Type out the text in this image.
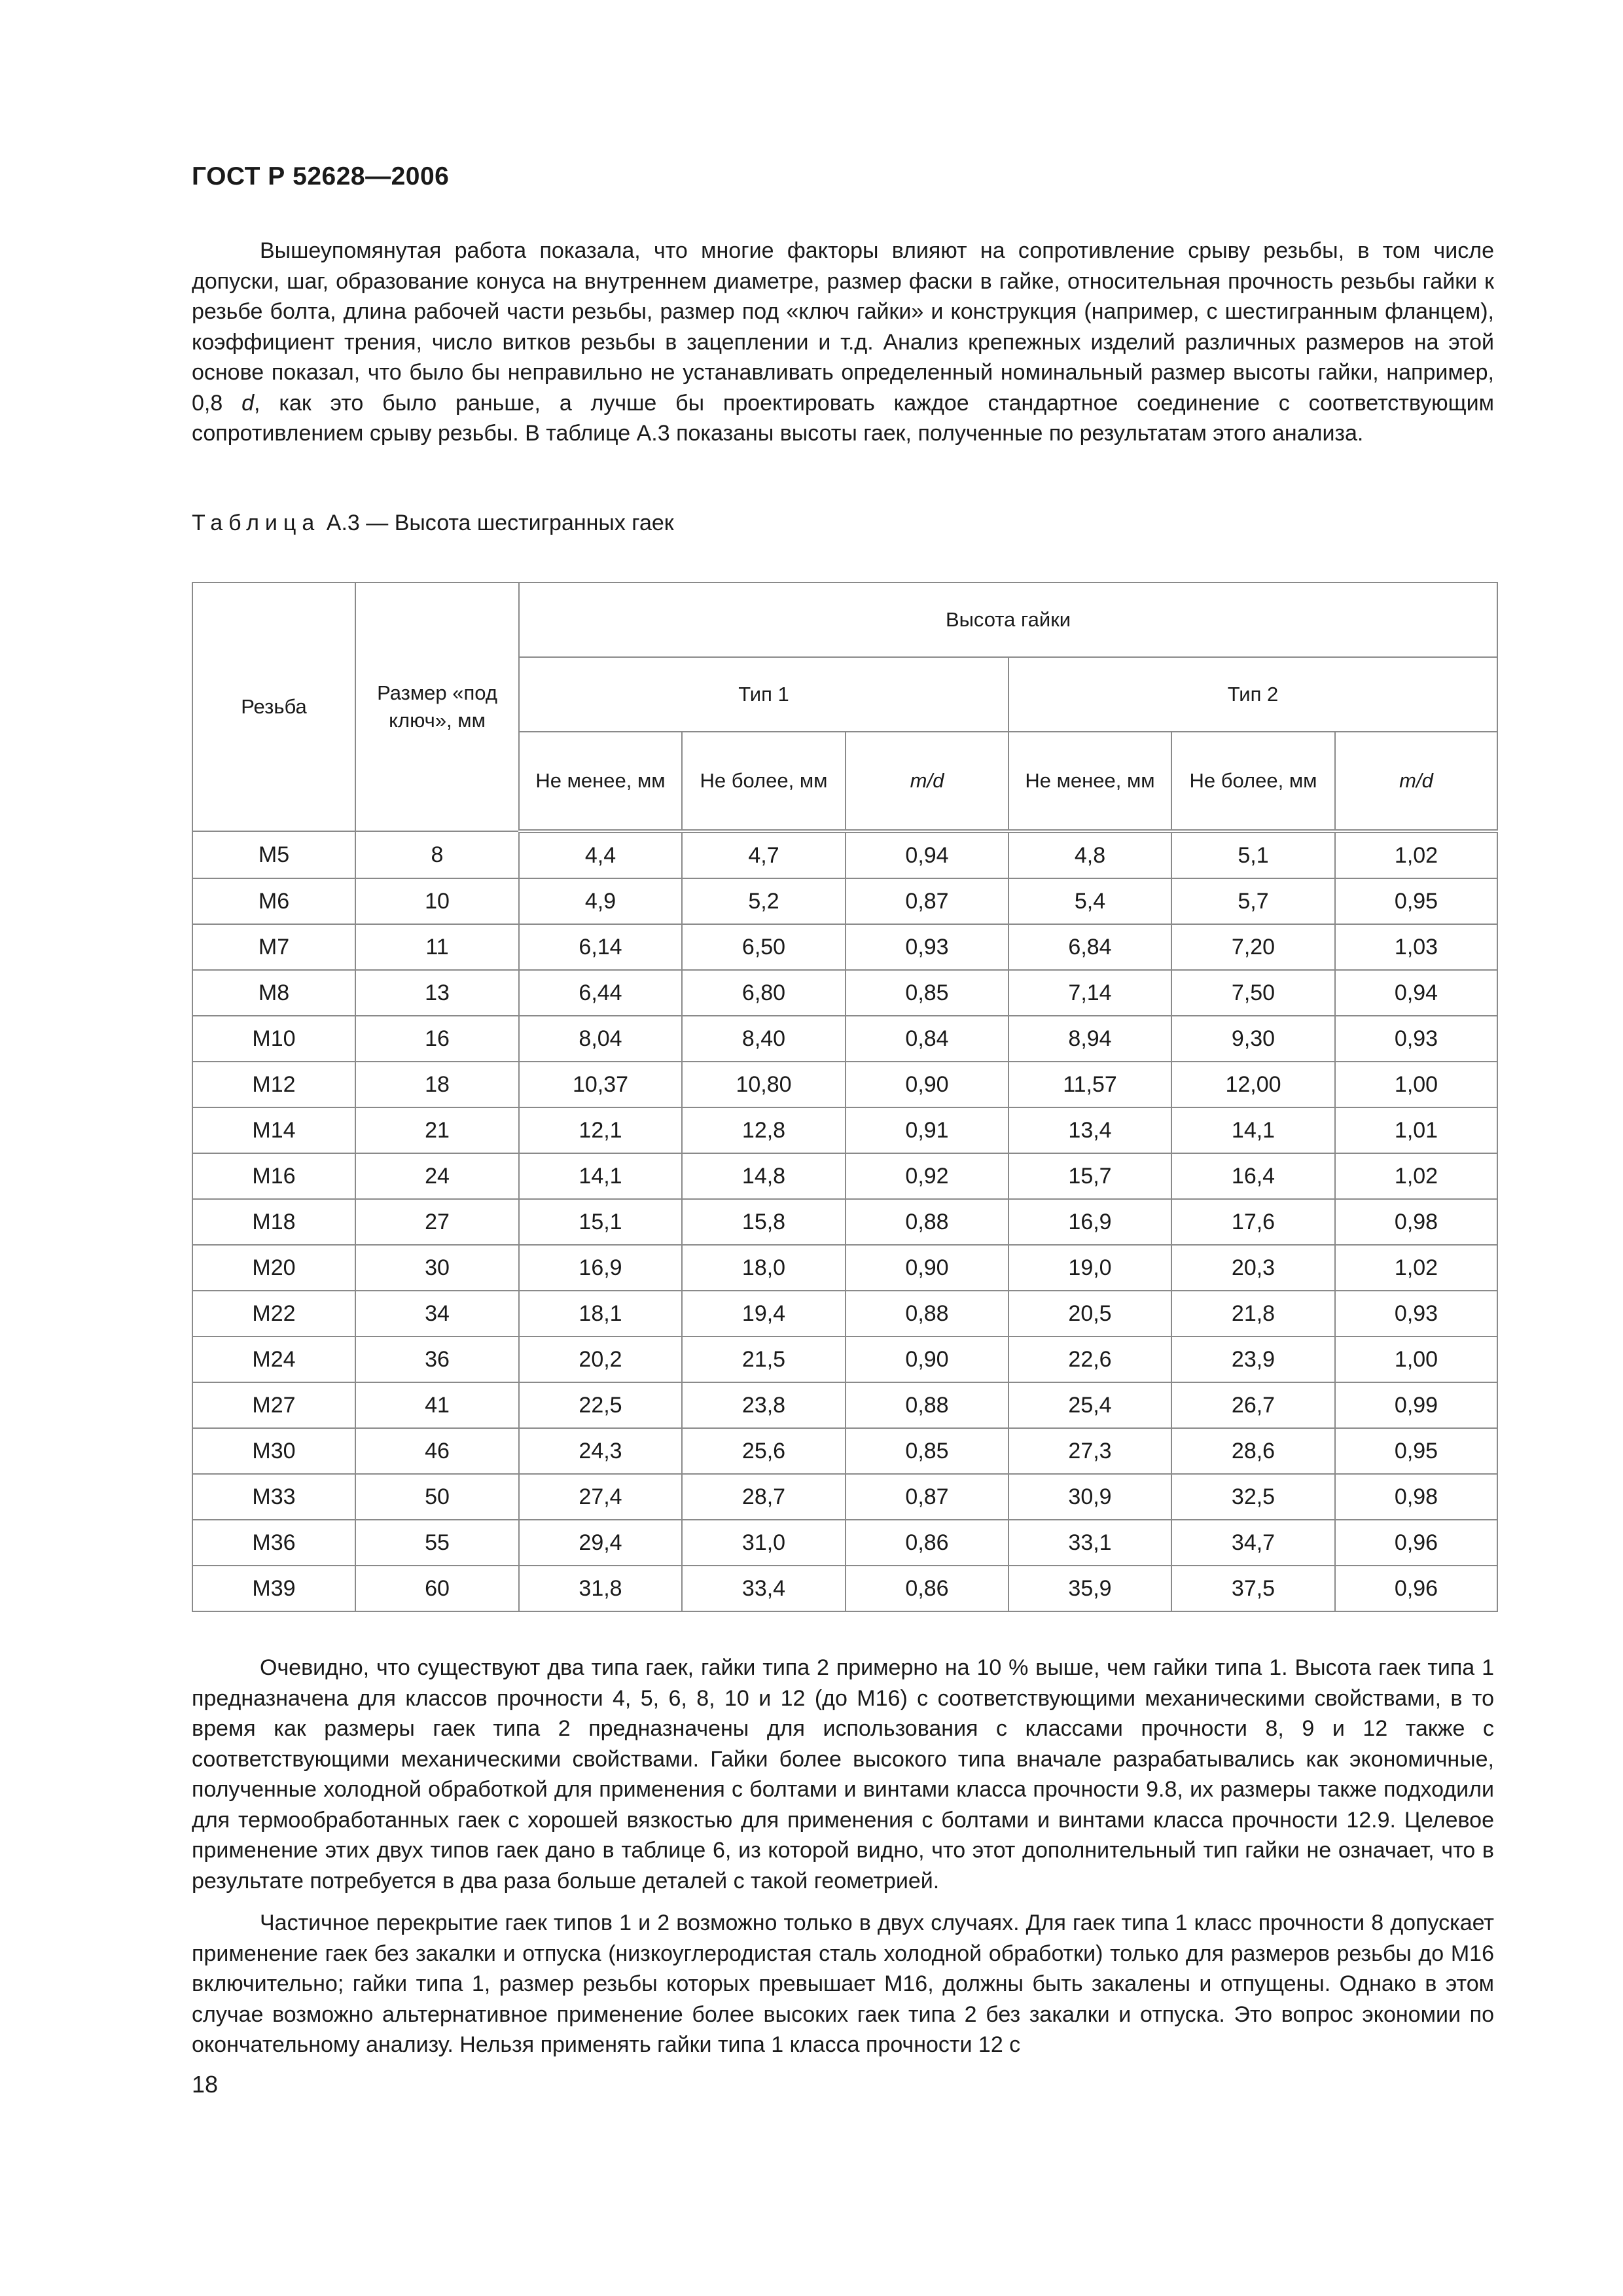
ГОСТ Р 52628—2006

Вышеупомянутая работа показала, что многие факторы влияют на сопротивление срыву резьбы, в том числе допуски, шаг, образование конуса на внутреннем диаметре, размер фаски в гайке, относительная прочность резьбы гайки к резьбе болта, длина рабочей части резьбы, размер под «ключ гайки» и конструкция (например, с шестигранным фланцем), коэффициент трения, число витков резьбы в зацеплении и т.д. Анализ крепежных изделий различных размеров на этой основе показал, что было бы неправильно не устанавливать определенный номинальный размер высоты гайки, например, 0,8 d, как это было раньше, а лучше бы проектировать каждое стандартное соединение с соответствующим сопротивлением срыву резьбы. В таблице А.3 показаны высоты гаек, полученные по результатам этого анализа.

Таблица А.3 — Высота шестигранных гаек
Резьба	Размер «под ключ», мм	Высота гайки					
		Тип 1			Тип 2		
		Не менее, мм	Не более, мм	m/d	Не менее, мм	Не более, мм	m/d
М5	8	4,4	4,7	0,94	4,8	5,1	1,02
М6	10	4,9	5,2	0,87	5,4	5,7	0,95
М7	11	6,14	6,50	0,93	6,84	7,20	1,03
М8	13	6,44	6,80	0,85	7,14	7,50	0,94
М10	16	8,04	8,40	0,84	8,94	9,30	0,93
М12	18	10,37	10,80	0,90	11,57	12,00	1,00
М14	21	12,1	12,8	0,91	13,4	14,1	1,01
М16	24	14,1	14,8	0,92	15,7	16,4	1,02
М18	27	15,1	15,8	0,88	16,9	17,6	0,98
М20	30	16,9	18,0	0,90	19,0	20,3	1,02
М22	34	18,1	19,4	0,88	20,5	21,8	0,93
М24	36	20,2	21,5	0,90	22,6	23,9	1,00
М27	41	22,5	23,8	0,88	25,4	26,7	0,99
М30	46	24,3	25,6	0,85	27,3	28,6	0,95
М33	50	27,4	28,7	0,87	30,9	32,5	0,98
М36	55	29,4	31,0	0,86	33,1	34,7	0,96
М39	60	31,8	33,4	0,86	35,9	37,5	0,96

Очевидно, что существуют два типа гаек, гайки типа 2 примерно на 10 % выше, чем гайки типа 1. Высота гаек типа 1 предназначена для классов прочности 4, 5, 6, 8, 10 и 12 (до М16) с соответствующими механическими свойствами, в то время как размеры гаек типа 2 предназначены для использования с классами прочности 8, 9 и 12 также с соответствующими механическими свойствами. Гайки более высокого типа вначале разрабатывались как экономичные, полученные холодной обработкой для применения с болтами и винтами класса прочности 9.8, их размеры также подходили для термообработанных гаек с хорошей вязкостью для применения с болтами и винтами класса прочности 12.9. Целевое применение этих двух типов гаек дано в таблице 6, из которой видно, что этот дополнительный тип гайки не означает, что в результате потребуется в два раза больше деталей с такой геометрией.

Частичное перекрытие гаек типов 1 и 2 возможно только в двух случаях. Для гаек типа 1 класс прочности 8 допускает применение гаек без закалки и отпуска (низкоуглеродистая сталь холодной обработки) только для размеров резьбы до М16 включительно; гайки типа 1, размер резьбы которых превышает М16, должны быть закалены и отпущены. Однако в этом случае возможно альтернативное применение более высоких гаек типа 2 без закалки и отпуска. Это вопрос экономии по окончательному анализу. Нельзя применять гайки типа 1 класса прочности 12 с

18
